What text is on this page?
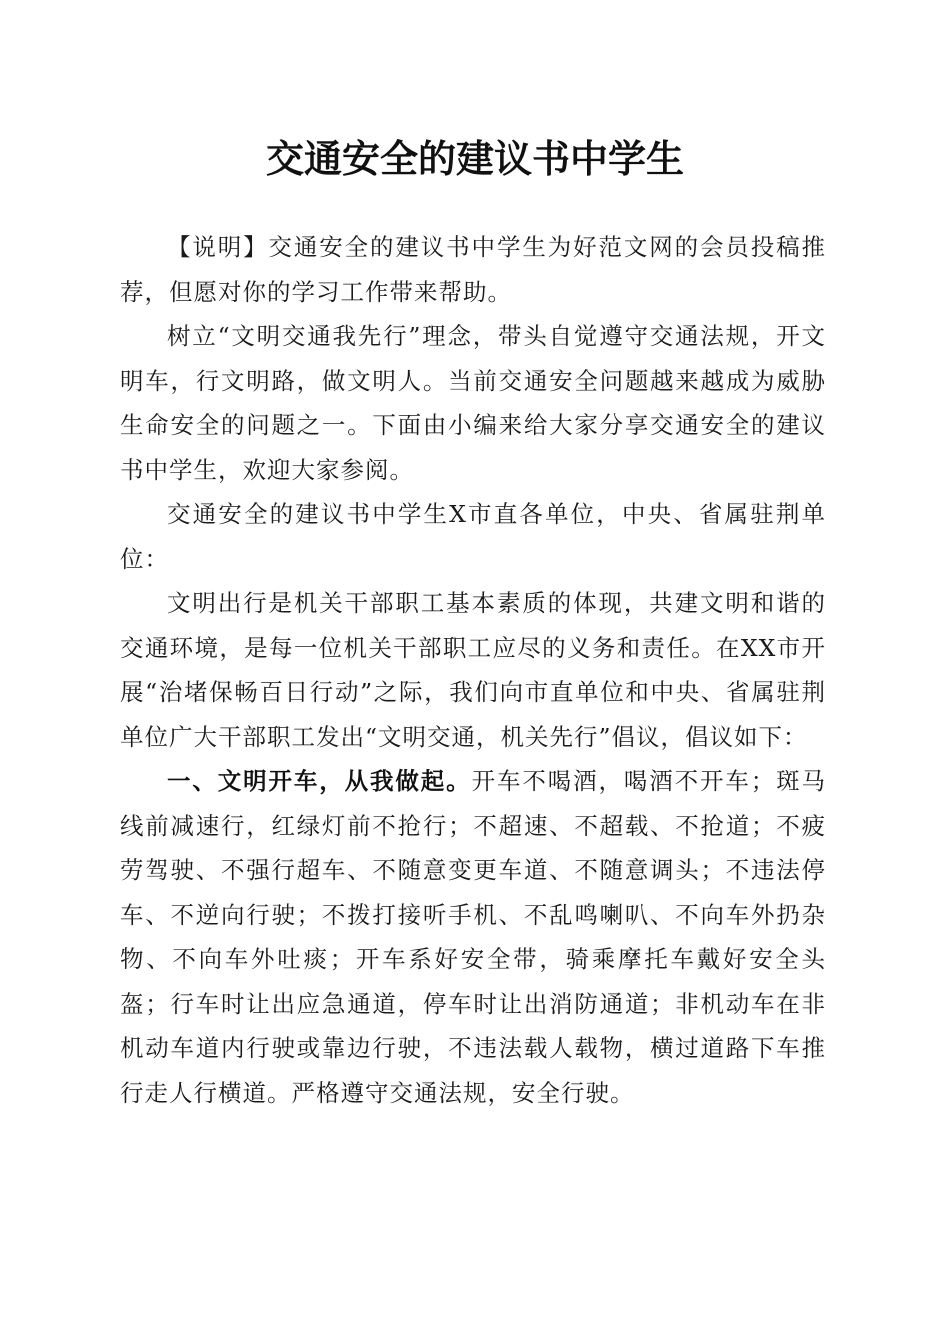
交通安全的建议书中学生

【说明】交通安全的建议书中学生为好范文网的会员投稿推荐，但愿对你的学习工作带来帮助。

树立“文明交通我先行”理念，带头自觉遵守交通法规，开文明车，行文明路，做文明人。当前交通安全问题越来越成为威胁生命安全的问题之一。下面由小编来给大家分享交通安全的建议书中学生，欢迎大家参阅。

交通安全的建议书中学生X市直各单位，中央、省属驻荆单位：

文明出行是机关干部职工基本素质的体现，共建文明和谐的交通环境，是每一位机关干部职工应尽的义务和责任。在XX市开展“治堵保畅百日行动”之际，我们向市直单位和中央、省属驻荆单位广大干部职工发出“文明交通，机关先行”倡议，倡议如下：

一、文明开车，从我做起。开车不喝酒，喝酒不开车；斑马线前减速行，红绿灯前不抢行；不超速、不超载、不抢道；不疲劳驾驶、不强行超车、不随意变更车道、不随意调头；不违法停车、不逆向行驶；不拨打接听手机、不乱鸣喇叭、不向车外扔杂物、不向车外吐痰；开车系好安全带，骑乘摩托车戴好安全头盔；行车时让出应急通道，停车时让出消防通道；非机动车在非机动车道内行驶或靠边行驶，不违法载人载物，横过道路下车推行走人行横道。严格遵守交通法规，安全行驶。
